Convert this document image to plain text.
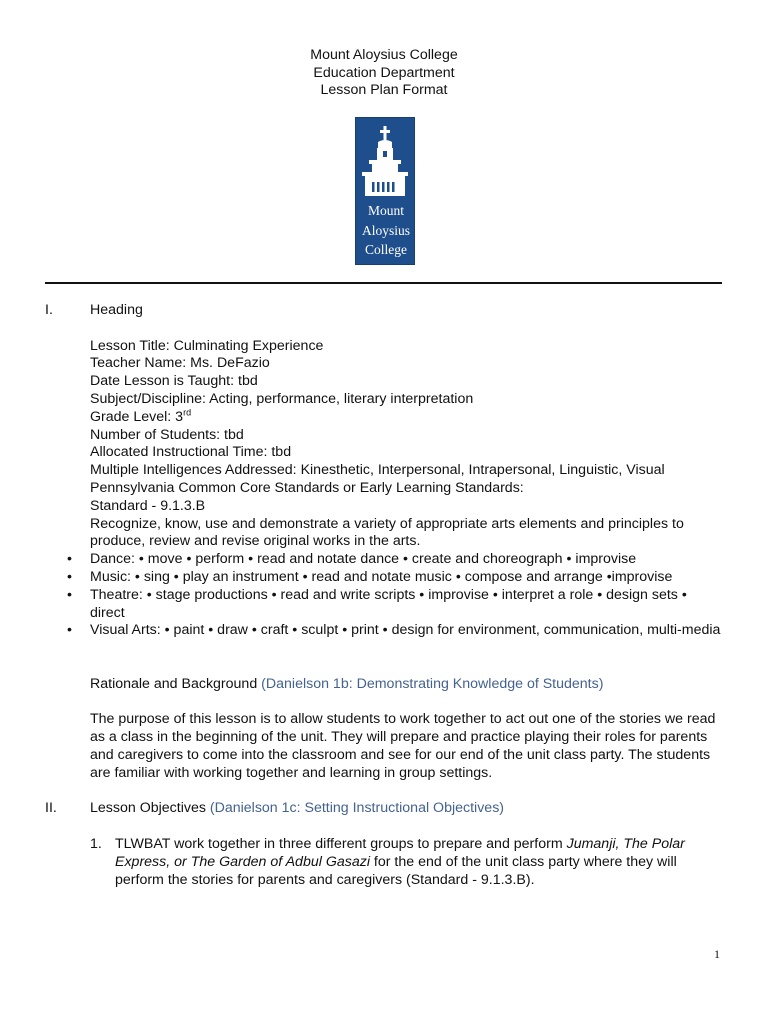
Mount Aloysius College
Education Department
Lesson Plan Format
Mount
Aloysius
College
I.	Heading

Lesson Title: Culminating Experience

Teacher Name: Ms. DeFazio

Date Lesson is Taught: tbd

Subject/Discipline: Acting, performance, literary interpretation

Grade Level: 3rd

Number of Students: tbd

Allocated Instructional Time: tbd

Multiple Intelligences Addressed: Kinesthetic, Interpersonal, Intrapersonal, Linguistic, Visual

Pennsylvania Common Core Standards or Early Learning Standards:

Standard - 9.1.3.B

Recognize, know, use and demonstrate a variety of appropriate arts elements and principles to produce, review and revise original works in the arts.

• Dance: • move • perform • read and notate dance • create and choreograph • improvise
• Music: • sing • play an instrument • read and notate music • compose and arrange •improvise
• Theatre: • stage productions • read and write scripts • improvise • interpret a role • design sets • direct
• Visual Arts: • paint • draw • craft • sculpt • print • design for environment, communication, multi-media

Rationale and Background (Danielson 1b: Demonstrating Knowledge of Students)

The purpose of this lesson is to allow students to work together to act out one of the stories we read as a class in the beginning of the unit. They will prepare and practice playing their roles for parents and caregivers to come into the classroom and see for our end of the unit class party. The students are familiar with working together and learning in group settings.

II.	Lesson Objectives (Danielson 1c: Setting Instructional Objectives)

1. TLWBAT work together in three different groups to prepare and perform Jumanji, The Polar Express, or The Garden of Adbul Gasazi for the end of the unit class party where they will perform the stories for parents and caregivers (Standard - 9.1.3.B).
1
